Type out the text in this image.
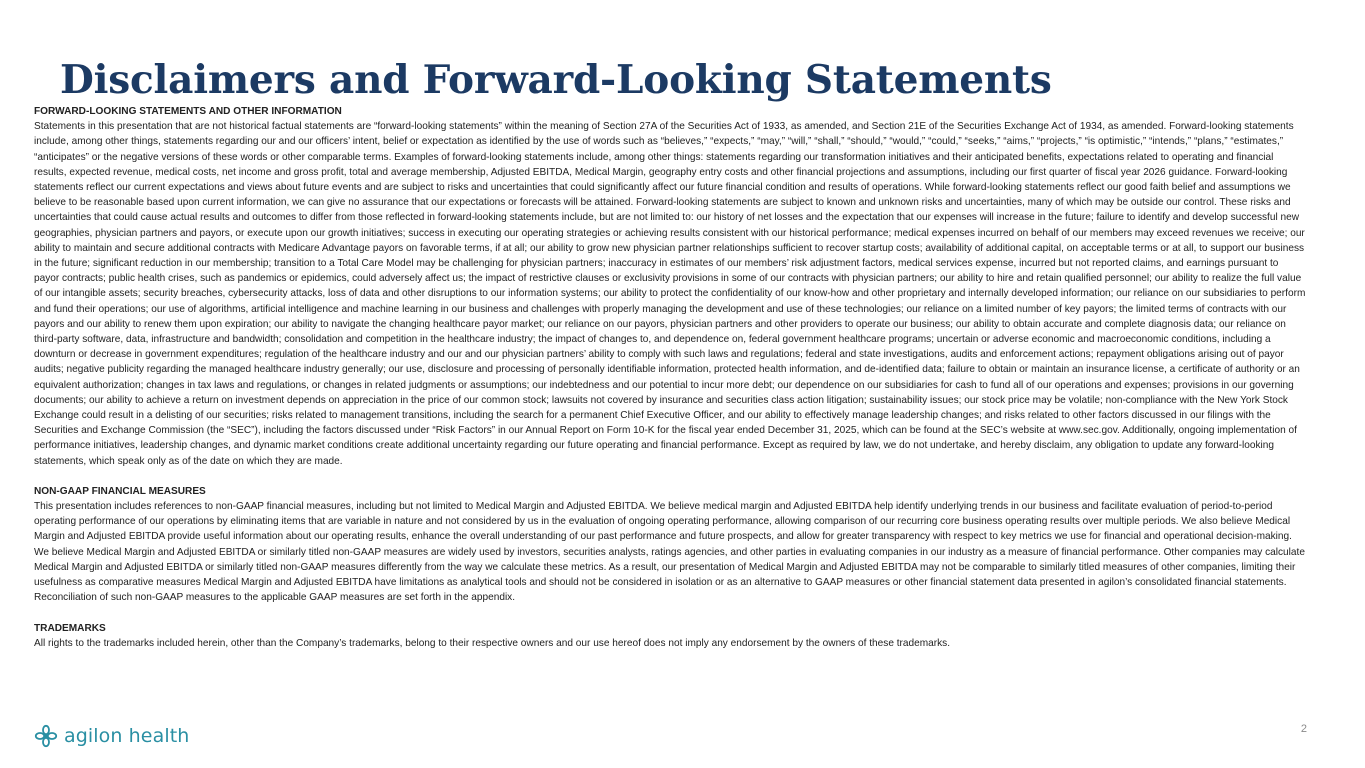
Disclaimers and Forward-Looking Statements

FORWARD-LOOKING STATEMENTS AND OTHER INFORMATION

Statements in this presentation that are not historical factual statements are “forward-looking statements” within the meaning of Section 27A of the Securities Act of 1933, as amended, and Section 21E of the Securities Exchange Act of 1934, as amended. Forward-looking statements include, among other things, statements regarding our and our officers’ intent, belief or expectation as identified by the use of words such as “believes,” “expects,” “may,” “will,” “shall,” “should,” “would,” “could,” “seeks,” “aims,” “projects,” “is optimistic,” “intends,” “plans,” “estimates,” “anticipates” or the negative versions of these words or other comparable terms. Examples of forward-looking statements include, among other things: statements regarding our transformation initiatives and their anticipated benefits, expectations related to operating and financial results, expected revenue, medical costs, net income and gross profit, total and average membership, Adjusted EBITDA, Medical Margin, geography entry costs and other financial projections and assumptions, including our first quarter of fiscal year 2026 guidance. Forward-looking statements reflect our current expectations and views about future events and are subject to risks and uncertainties that could significantly affect our future financial condition and results of operations. While forward-looking statements reflect our good faith belief and assumptions we believe to be reasonable based upon current information, we can give no assurance that our expectations or forecasts will be attained. Forward-looking statements are subject to known and unknown risks and uncertainties, many of which may be outside our control. These risks and uncertainties that could cause actual results and outcomes to differ from those reflected in forward-looking statements include, but are not limited to: our history of net losses and the expectation that our expenses will increase in the future; failure to identify and develop successful new geographies, physician partners and payors, or execute upon our growth initiatives; success in executing our operating strategies or achieving results consistent with our historical performance; medical expenses incurred on behalf of our members may exceed revenues we receive; our ability to maintain and secure additional contracts with Medicare Advantage payors on favorable terms, if at all; our ability to grow new physician partner relationships sufficient to recover startup costs; availability of additional capital, on acceptable terms or at all, to support our business in the future; significant reduction in our membership; transition to a Total Care Model may be challenging for physician partners; inaccuracy in estimates of our members’ risk adjustment factors, medical services expense, incurred but not reported claims, and earnings pursuant to payor contracts; public health crises, such as pandemics or epidemics, could adversely affect us; the impact of restrictive clauses or exclusivity provisions in some of our contracts with physician partners; our ability to hire and retain qualified personnel; our ability to realize the full value of our intangible assets; security breaches, cybersecurity attacks, loss of data and other disruptions to our information systems; our ability to protect the confidentiality of our know-how and other proprietary and internally developed information; our reliance on our subsidiaries to perform and fund their operations; our use of algorithms, artificial intelligence and machine learning in our business and challenges with properly managing the development and use of these technologies; our reliance on a limited number of key payors; the limited terms of contracts with our payors and our ability to renew them upon expiration; our ability to navigate the changing healthcare payor market; our reliance on our payors, physician partners and other providers to operate our business; our ability to obtain accurate and complete diagnosis data; our reliance on third-party software, data, infrastructure and bandwidth; consolidation and competition in the healthcare industry; the impact of changes to, and dependence on, federal government healthcare programs; uncertain or adverse economic and macroeconomic conditions, including a downturn or decrease in government expenditures; regulation of the healthcare industry and our and our physician partners’ ability to comply with such laws and regulations; federal and state investigations, audits and enforcement actions; repayment obligations arising out of payor audits; negative publicity regarding the managed healthcare industry generally; our use, disclosure and processing of personally identifiable information, protected health information, and de-identified data; failure to obtain or maintain an insurance license, a certificate of authority or an equivalent authorization; changes in tax laws and regulations, or changes in related judgments or assumptions; our indebtedness and our potential to incur more debt; our dependence on our subsidiaries for cash to fund all of our operations and expenses; provisions in our governing documents; our ability to achieve a return on investment depends on appreciation in the price of our common stock; lawsuits not covered by insurance and securities class action litigation; sustainability issues; our stock price may be volatile; non-compliance with the New York Stock Exchange could result in a delisting of our securities; risks related to management transitions, including the search for a permanent Chief Executive Officer, and our ability to effectively manage leadership changes; and risks related to other factors discussed in our filings with the Securities and Exchange Commission (the “SEC”), including the factors discussed under “Risk Factors” in our Annual Report on Form 10-K for the fiscal year ended December 31, 2025, which can be found at the SEC’s website at www.sec.gov. Additionally, ongoing implementation of performance initiatives, leadership changes, and dynamic market conditions create additional uncertainty regarding our future operating and financial performance. Except as required by law, we do not undertake, and hereby disclaim, any obligation to update any forward-looking statements, which speak only as of the date on which they are made.

NON-GAAP FINANCIAL MEASURES

This presentation includes references to non-GAAP financial measures, including but not limited to Medical Margin and Adjusted EBITDA. We believe medical margin and Adjusted EBITDA help identify underlying trends in our business and facilitate evaluation of period-to-period operating performance of our operations by eliminating items that are variable in nature and not considered by us in the evaluation of ongoing operating performance, allowing comparison of our recurring core business operating results over multiple periods. We also believe Medical Margin and Adjusted EBITDA provide useful information about our operating results, enhance the overall understanding of our past performance and future prospects, and allow for greater transparency with respect to key metrics we use for financial and operational decision-making. We believe Medical Margin and Adjusted EBITDA or similarly titled non-GAAP measures are widely used by investors, securities analysts, ratings agencies, and other parties in evaluating companies in our industry as a measure of financial performance. Other companies may calculate Medical Margin and Adjusted EBITDA or similarly titled non-GAAP measures differently from the way we calculate these metrics. As a result, our presentation of Medical Margin and Adjusted EBITDA may not be comparable to similarly titled measures of other companies, limiting their usefulness as comparative measures Medical Margin and Adjusted EBITDA have limitations as analytical tools and should not be considered in isolation or as an alternative to GAAP measures or other financial statement data presented in agilon’s consolidated financial statements. Reconciliation of such non-GAAP measures to the applicable GAAP measures are set forth in the appendix.

TRADEMARKS

All rights to the trademarks included herein, other than the Company’s trademarks, belong to their respective owners and our use hereof does not imply any endorsement by the owners of these trademarks.

agilon health	2
